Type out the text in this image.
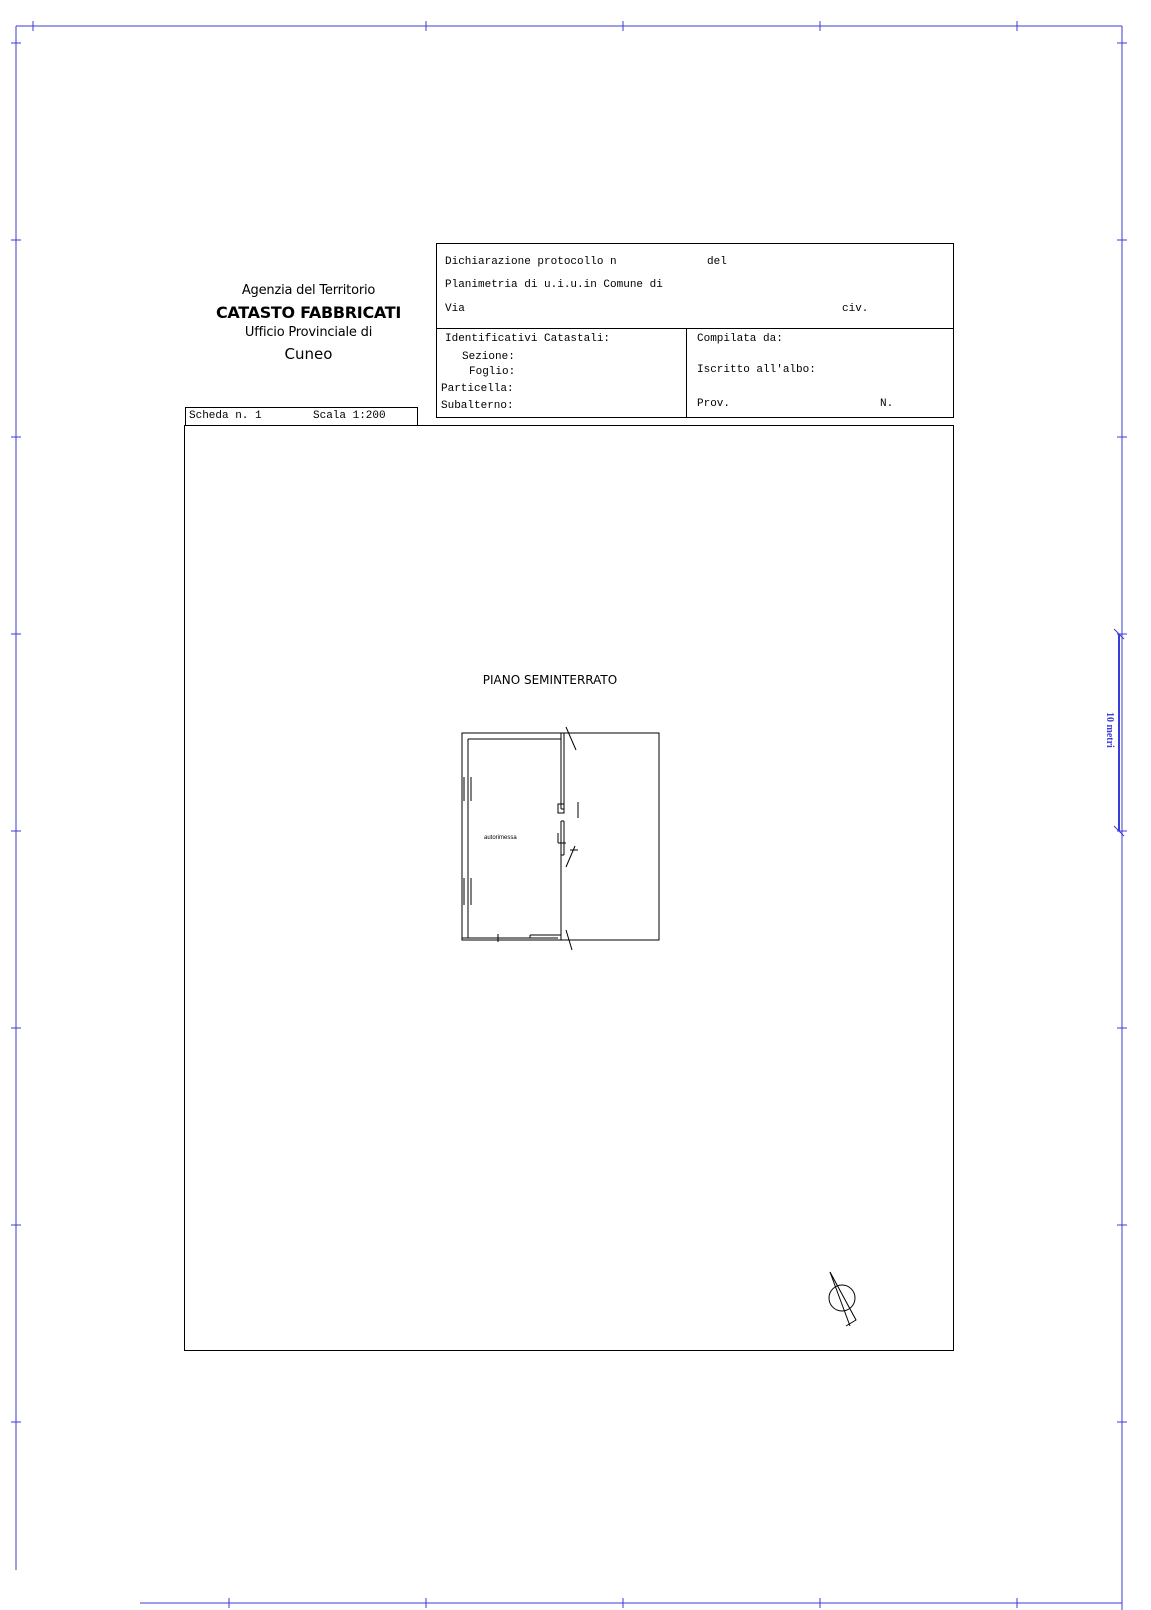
10 metri
Agenzia del Territorio
CATASTO FABBRICATI
Ufficio Provinciale di
Cuneo
Dichiarazione protocollo n	del
Planimetria di u.i.u.in Comune di
Via	civ.
Identificativi Catastali:
Sezione:
Foglio:
Particella:
Subalterno:
Compilata da:
Iscritto all'albo:
Prov.	N.
Scheda n. 1	Scala 1:200
PIANO SEMINTERRATO
autorimessa
